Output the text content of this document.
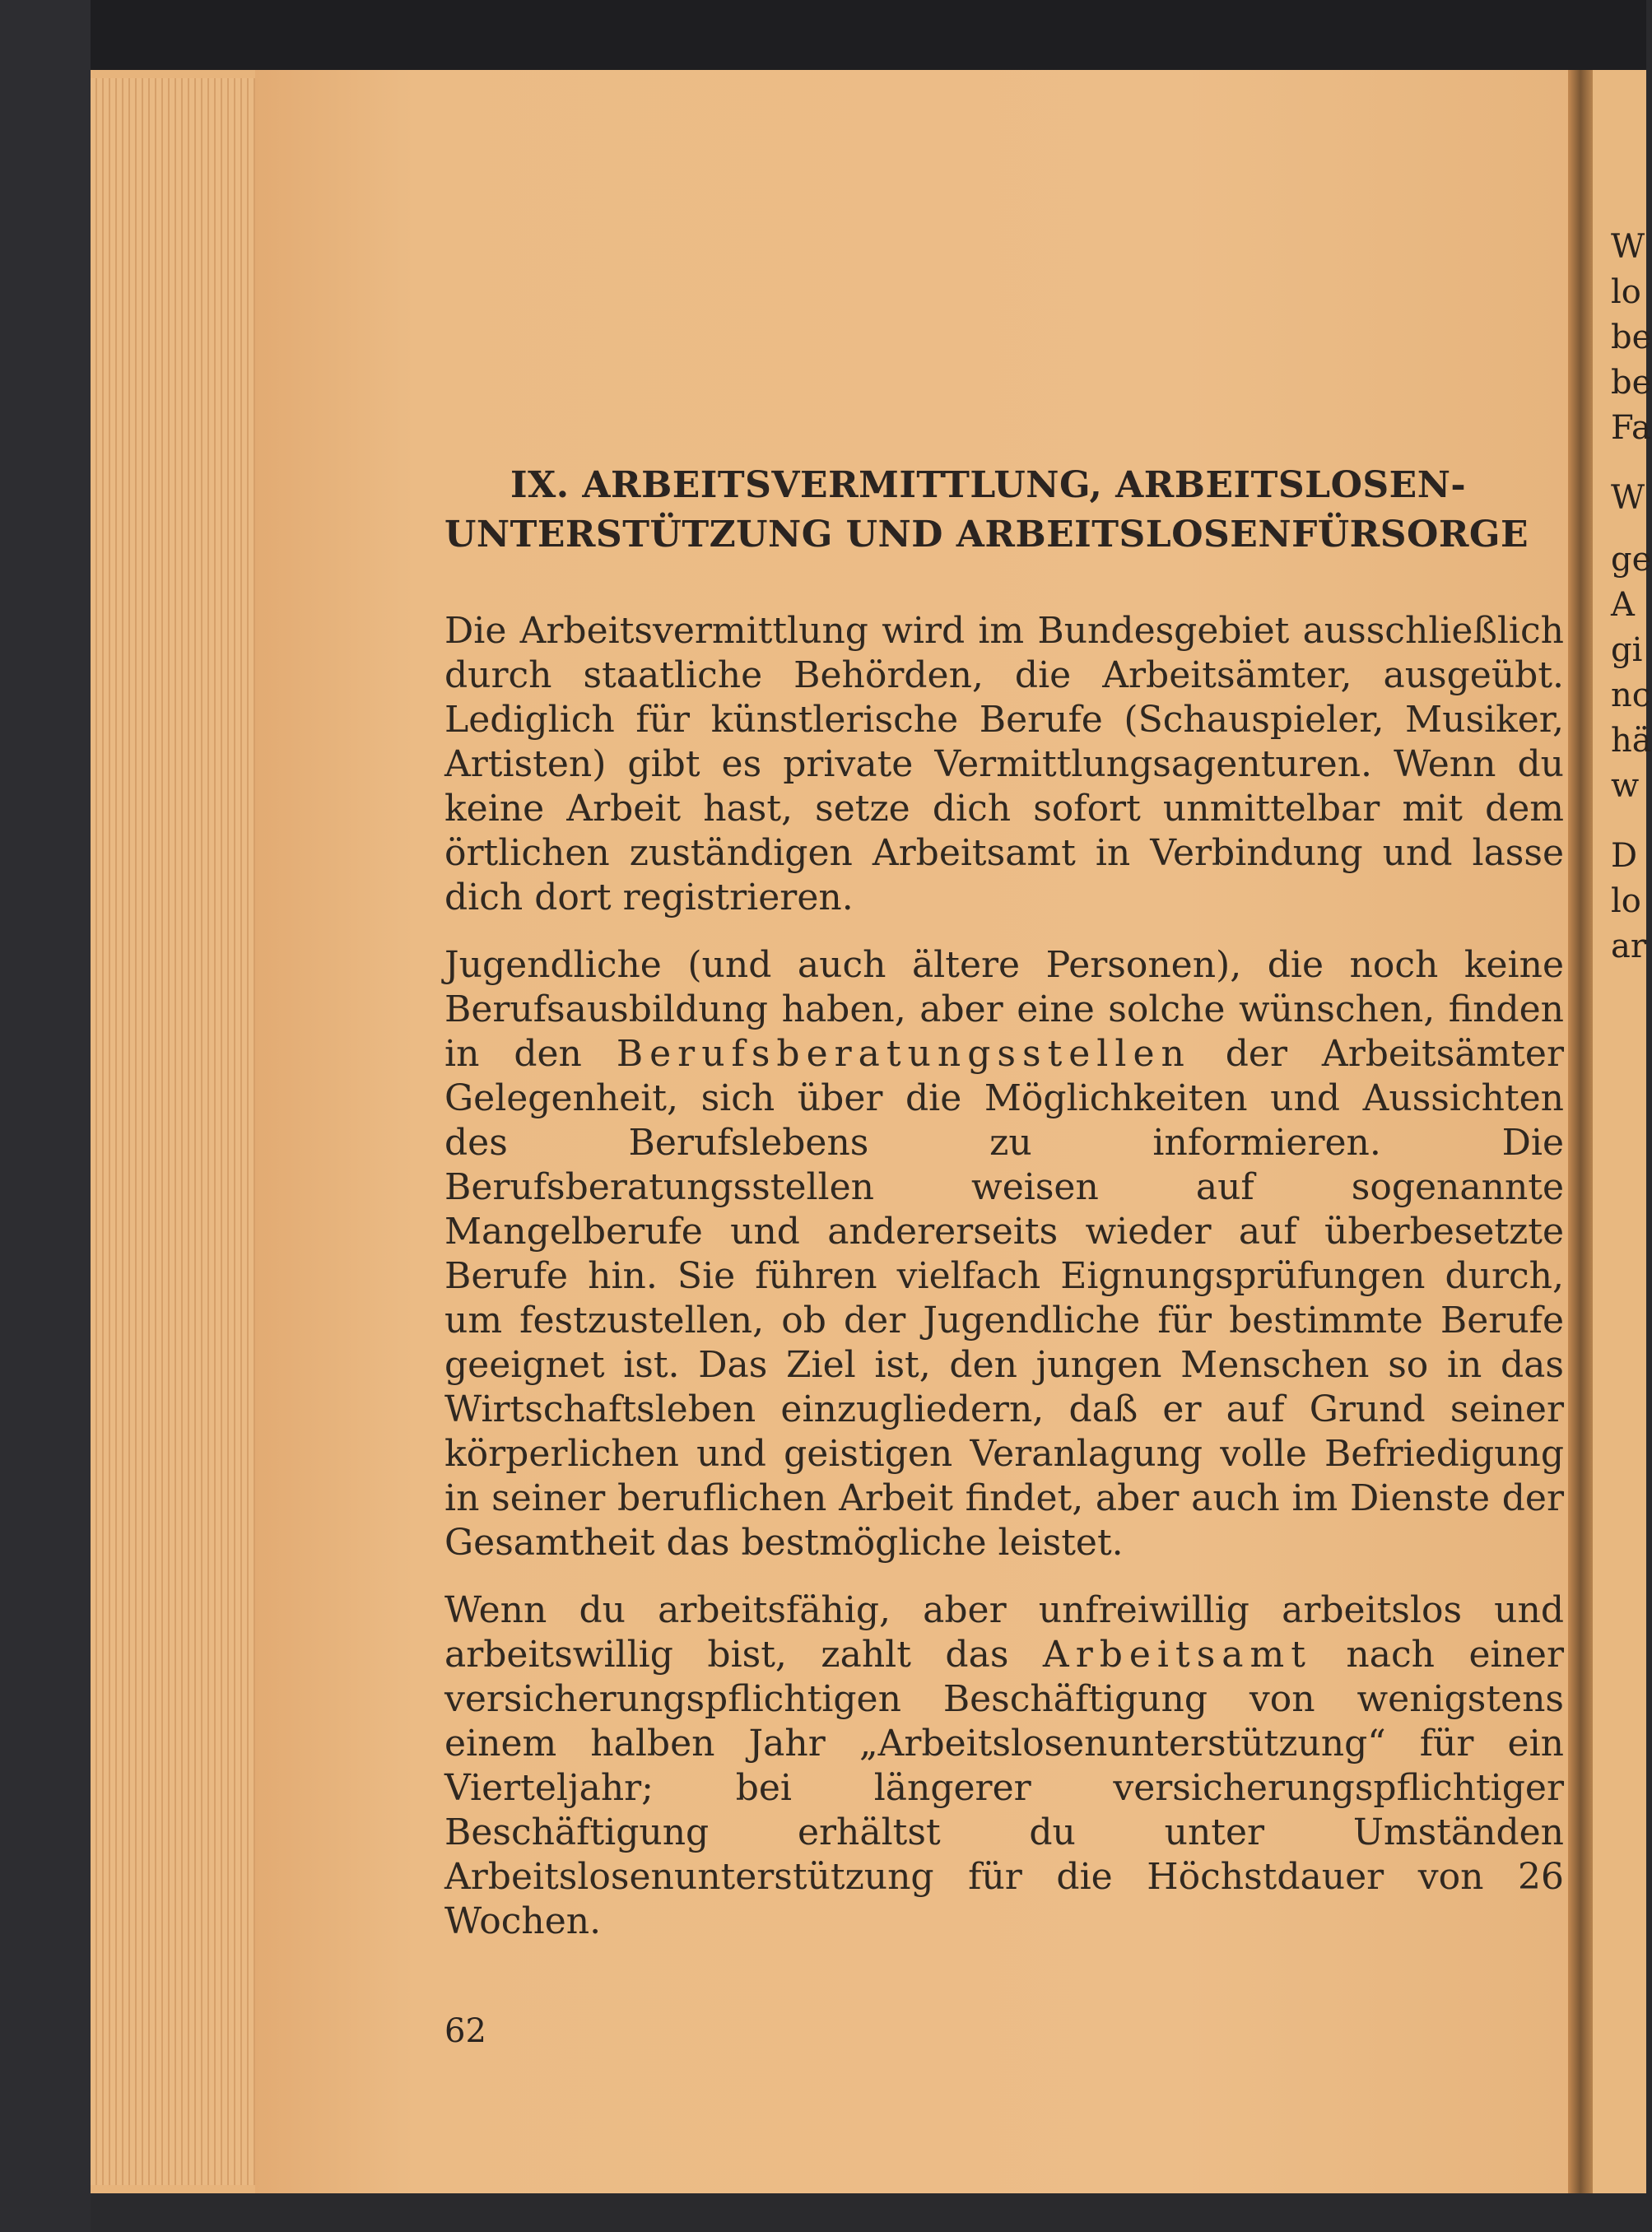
W
lo
be
be
Fa
W
ge
A
gi
nc
hä
w
D
lo
ar
IX. ARBEITSVERMITTLUNG, ARBEITSLOSEN-
UNTERSTÜTZUNG UND ARBEITSLOSENFÜRSORGE

Die Arbeitsvermittlung wird im Bundesgebiet ausschließlich durch staatliche Behörden, die Arbeitsämter, ausgeübt. Lediglich für künstlerische Berufe (Schauspieler, Musiker, Artisten) gibt es private Vermittlungsagenturen. Wenn du keine Arbeit hast, setze dich sofort unmittelbar mit dem örtlichen zuständigen Arbeitsamt in Verbindung und lasse dich dort registrieren.

Jugendliche (und auch ältere Personen), die noch keine Berufsausbildung haben, aber eine solche wünschen, finden in den Berufsberatungsstellen der Arbeitsämter Gelegenheit, sich über die Möglichkeiten und Aussichten des Berufslebens zu informieren. Die Berufsberatungsstellen weisen auf sogenannte Mangelberufe und andererseits wieder auf überbesetzte Berufe hin. Sie führen vielfach Eignungsprüfungen durch, um festzustellen, ob der Jugendliche für bestimmte Berufe geeignet ist. Das Ziel ist, den jungen Menschen so in das Wirtschaftsleben einzugliedern, daß er auf Grund seiner körperlichen und geistigen Veranlagung volle Befriedigung in seiner beruflichen Arbeit findet, aber auch im Dienste der Gesamtheit das bestmögliche leistet.

Wenn du arbeitsfähig, aber unfreiwillig arbeitslos und arbeitswillig bist, zahlt das Arbeitsamt nach einer versicherungspflichtigen Beschäftigung von wenigstens einem halben Jahr „Arbeitslosenunterstützung“ für ein Vierteljahr; bei längerer versicherungspflichtiger Beschäftigung erhältst du unter Umständen Arbeitslosenunterstützung für die Höchstdauer von 26 Wochen.

62
